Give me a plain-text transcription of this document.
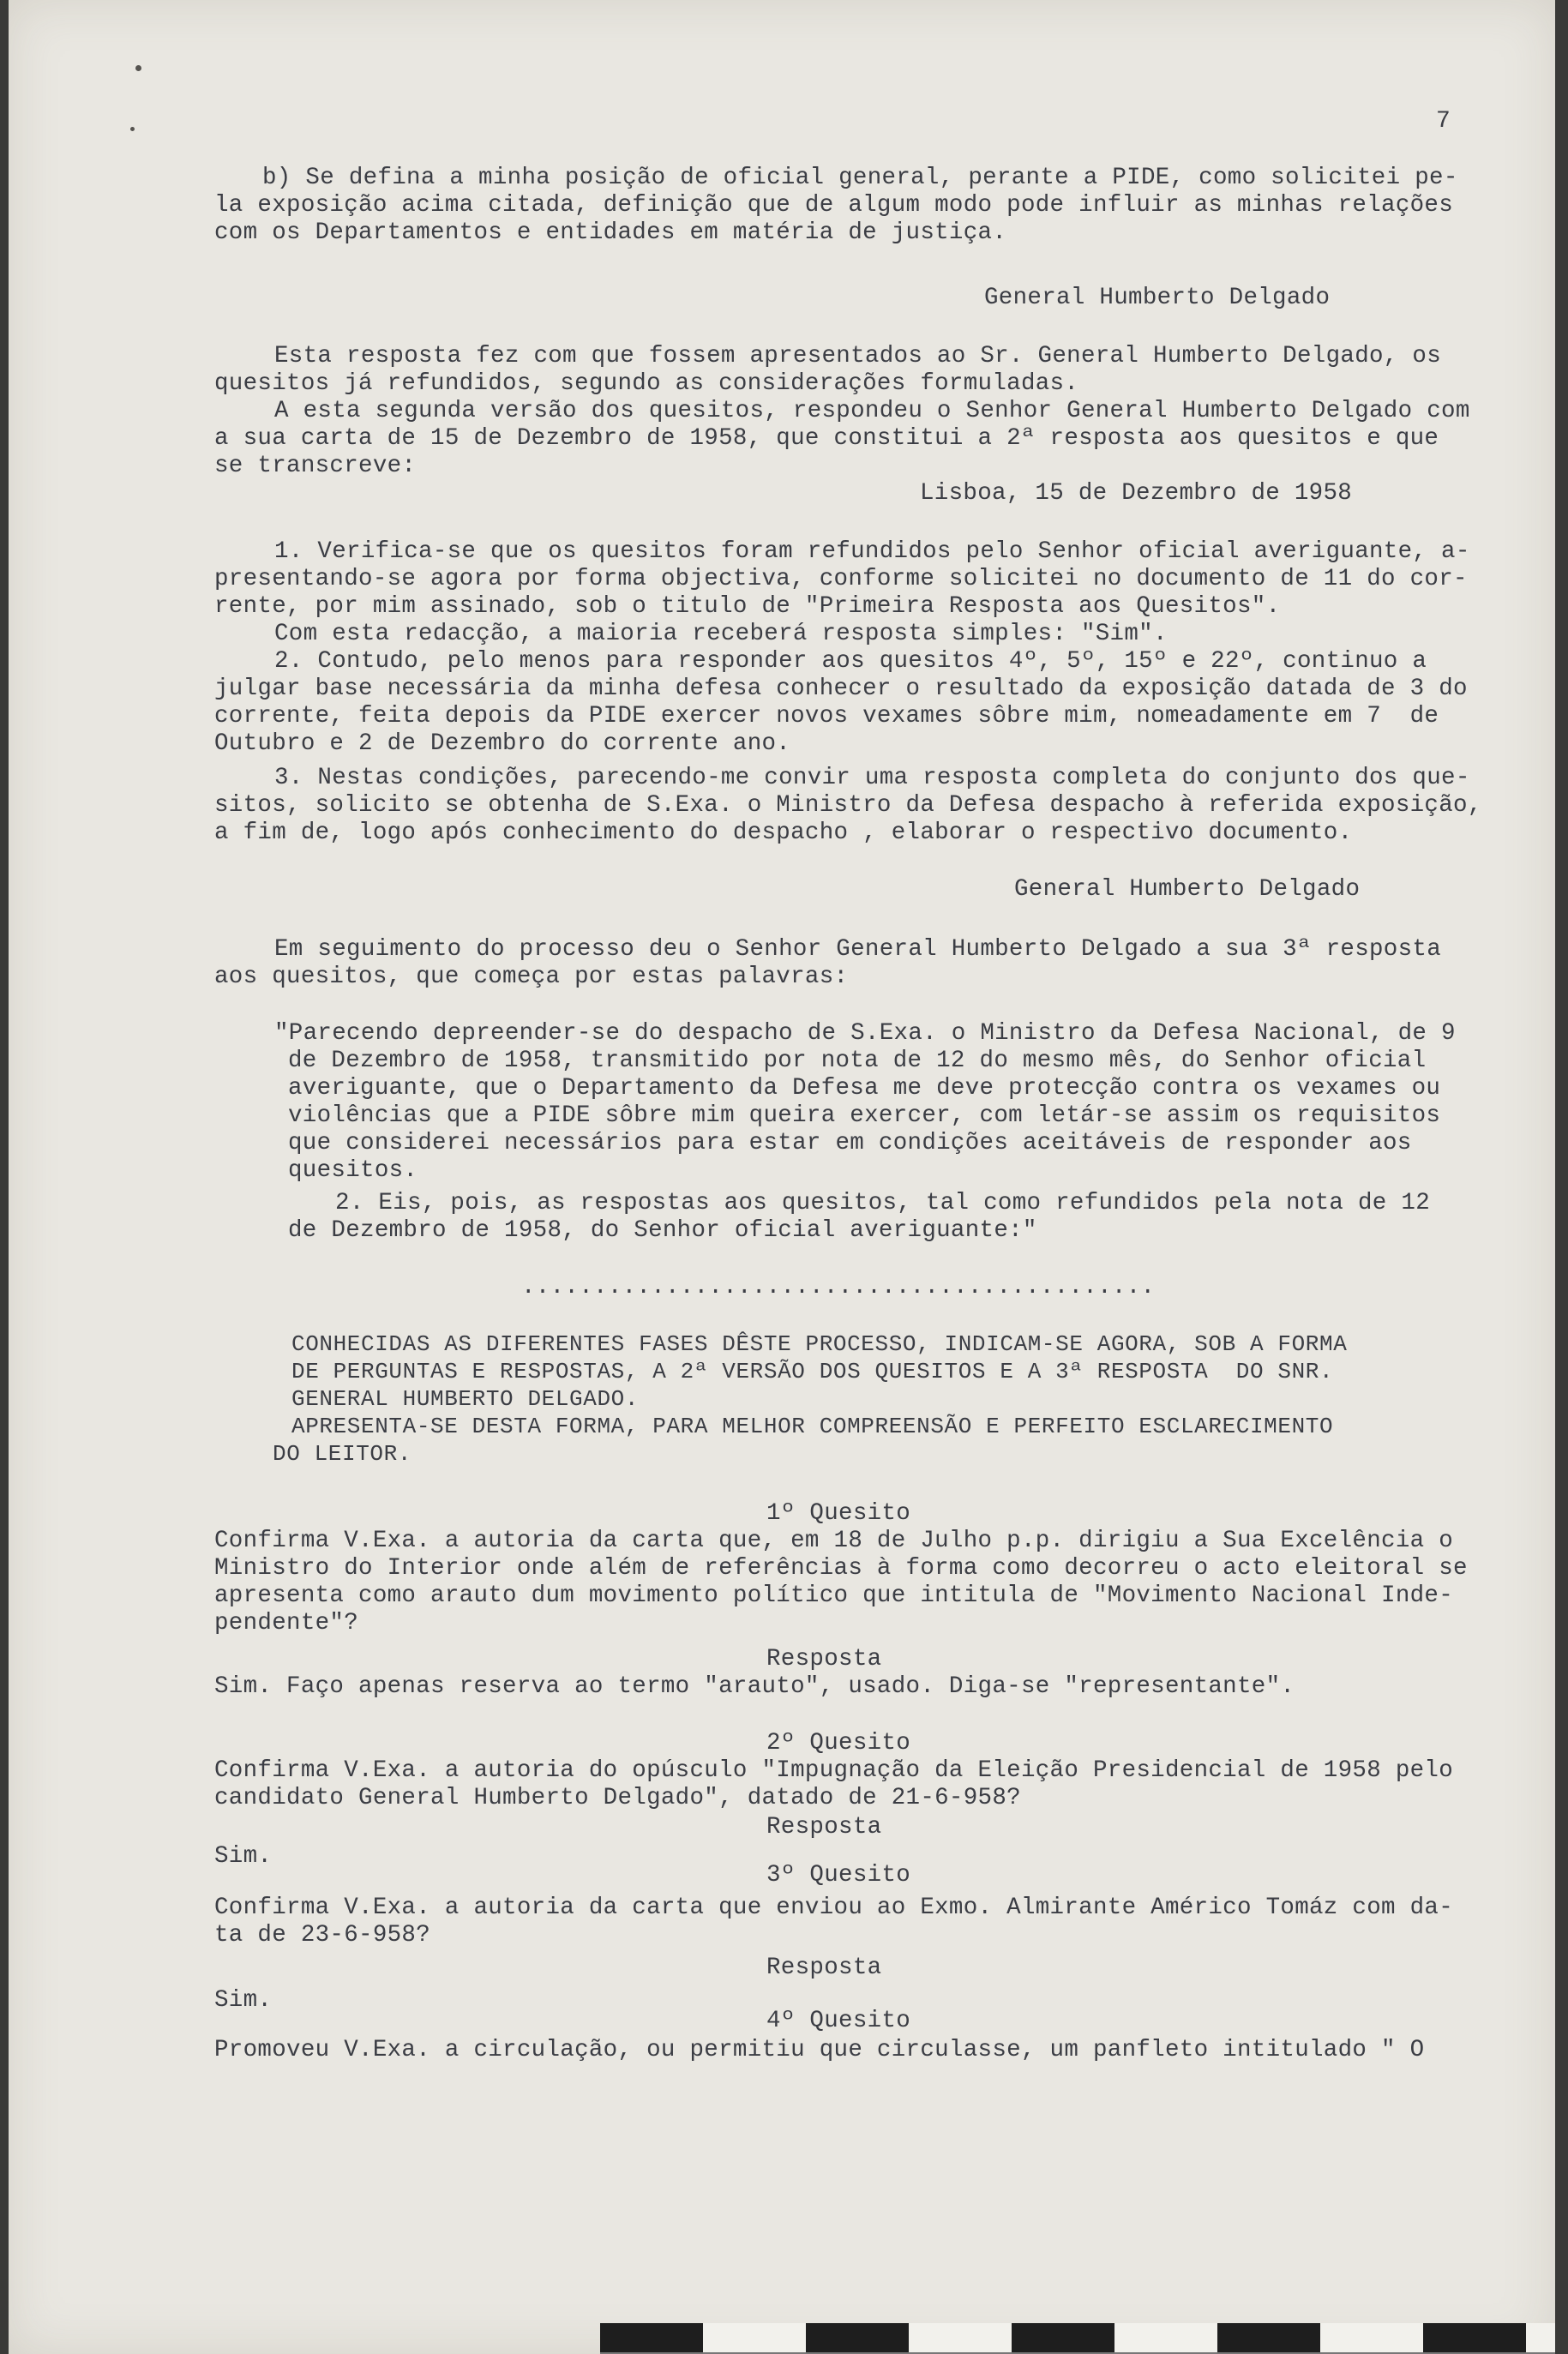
7
b) Se defina a minha posição de oficial general, perante a PIDE, como solicitei pe-
la exposição acima citada, definição que de algum modo pode influir as minhas relações
com os Departamentos e entidades em matéria de justiça.
General Humberto Delgado
Esta resposta fez com que fossem apresentados ao Sr. General Humberto Delgado, os
quesitos já refundidos, segundo as considerações formuladas.
A esta segunda versão dos quesitos, respondeu o Senhor General Humberto Delgado com
a sua carta de 15 de Dezembro de 1958, que constitui a 2ª resposta aos quesitos e que
se transcreve:
Lisboa, 15 de Dezembro de 1958
1. Verifica-se que os quesitos foram refundidos pelo Senhor oficial averiguante, a-
presentando-se agora por forma objectiva, conforme solicitei no documento de 11 do cor-
rente, por mim assinado, sob o titulo de "Primeira Resposta aos Quesitos".
Com esta redacção, a maioria receberá resposta simples: "Sim".
2. Contudo, pelo menos para responder aos quesitos 4º, 5º, 15º e 22º, continuo a
julgar base necessária da minha defesa conhecer o resultado da exposição datada de 3 do
corrente, feita depois da PIDE exercer novos vexames sôbre mim, nomeadamente em 7  de
Outubro e 2 de Dezembro do corrente ano.
3. Nestas condições, parecendo-me convir uma resposta completa do conjunto dos que-
sitos, solicito se obtenha de S.Exa. o Ministro da Defesa despacho à referida exposição,
a fim de, logo após conhecimento do despacho , elaborar o respectivo documento.
General Humberto Delgado
Em seguimento do processo deu o Senhor General Humberto Delgado a sua 3ª resposta
aos quesitos, que começa por estas palavras:
"Parecendo depreender-se do despacho de S.Exa. o Ministro da Defesa Nacional, de 9
de Dezembro de 1958, transmitido por nota de 12 do mesmo mês, do Senhor oficial
averiguante, que o Departamento da Defesa me deve protecção contra os vexames ou
violências que a PIDE sôbre mim queira exercer, com letár-se assim os requisitos
que considerei necessários para estar em condições aceitáveis de responder aos
quesitos.
2. Eis, pois, as respostas aos quesitos, tal como refundidos pela nota de 12
de Dezembro de 1958, do Senhor oficial averiguante:"
............................................
CONHECIDAS AS DIFERENTES FASES DÊSTE PROCESSO, INDICAM-SE AGORA, SOB A FORMA
DE PERGUNTAS E RESPOSTAS, A 2ª VERSÃO DOS QUESITOS E A 3ª RESPOSTA  DO SNR.
GENERAL HUMBERTO DELGADO.
APRESENTA-SE DESTA FORMA, PARA MELHOR COMPREENSÃO E PERFEITO ESCLARECIMENTO
DO LEITOR.
1º Quesito
Confirma V.Exa. a autoria da carta que, em 18 de Julho p.p. dirigiu a Sua Excelência o
Ministro do Interior onde além de referências à forma como decorreu o acto eleitoral se
apresenta como arauto dum movimento político que intitula de "Movimento Nacional Inde-
pendente"?
Resposta
Sim. Faço apenas reserva ao termo "arauto", usado. Diga-se "representante".
2º Quesito
Confirma V.Exa. a autoria do opúsculo "Impugnação da Eleição Presidencial de 1958 pelo
candidato General Humberto Delgado", datado de 21-6-958?
Resposta
Sim.
3º Quesito
Confirma V.Exa. a autoria da carta que enviou ao Exmo. Almirante Américo Tomáz com da-
ta de 23-6-958?
Resposta
Sim.
4º Quesito
Promoveu V.Exa. a circulação, ou permitiu que circulasse, um panfleto intitulado " O
